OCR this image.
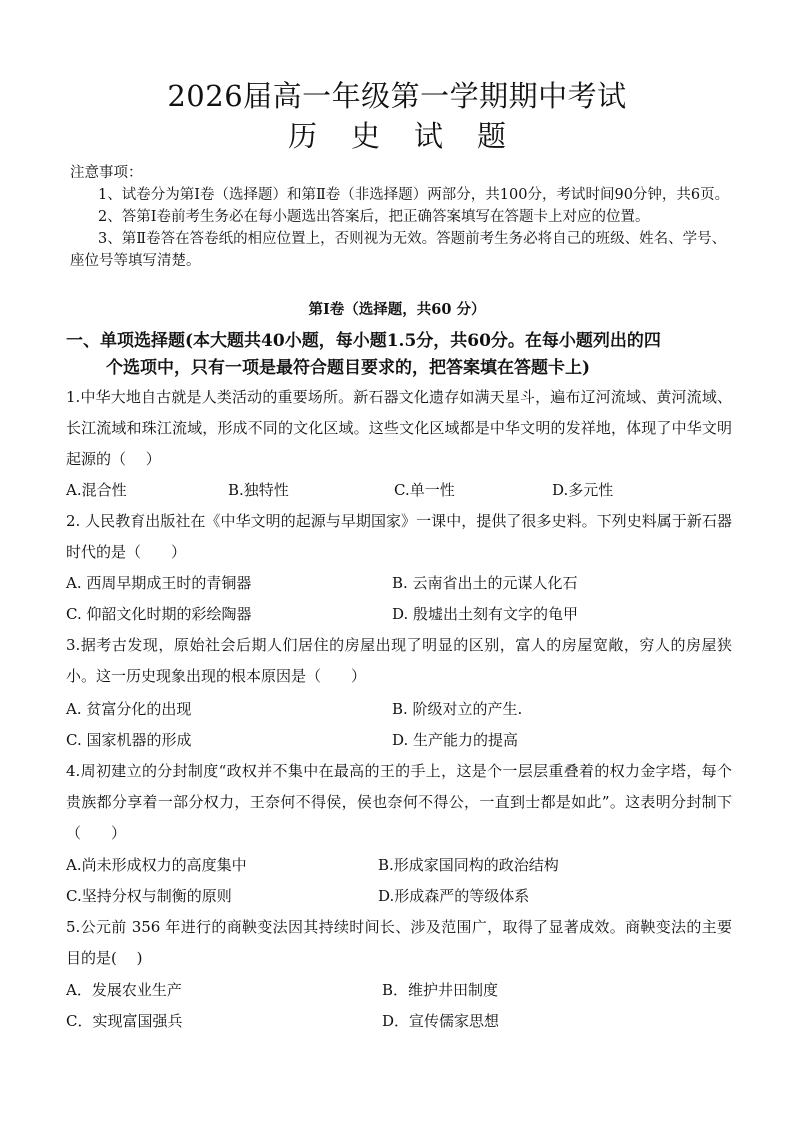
2026届高一年级第一学期期中考试
历史试题
注意事项：
1、试卷分为第Ⅰ卷（选择题）和第Ⅱ卷（非选择题）两部分，共100分，考试时间90分钟，共6页。
2、答第Ⅰ卷前考生务必在每小题选出答案后，把正确答案填写在答题卡上对应的位置。
3、第Ⅱ卷答在答卷纸的相应位置上，否则视为无效。答题前考生务必将自己的班级、姓名、学号、座位号等填写清楚。
第Ⅰ卷（选择题，共60 分）
一、单项选择题(本大题共40小题，每小题1.5分，共60分。在每小题列出的四
个选项中，只有一项是最符合题目要求的，把答案填在答题卡上)
1.中华大地自古就是人类活动的重要场所。新石器文化遗存如满天星斗，遍布辽河流域、黄河流域、长江流域和珠江流域，形成不同的文化区域。这些文化区域都是中华文明的发祥地，体现了中华文明起源的（　 ）
A.混合性	B.独特性	C.单一性	D.多元性
2. 人民教育出版社在《中华文明的起源与早期国家》一课中，提供了很多史料。下列史料属于新石器时代的是（　　）
A. 西周早期成王时的青铜器	B. 云南省出土的元谋人化石
C. 仰韶文化时期的彩绘陶器	D. 殷墟出土刻有文字的龟甲
3.据考古发现，原始社会后期人们居住的房屋出现了明显的区别，富人的房屋宽敞，穷人的房屋狭小。这一历史现象出现的根本原因是（　　）
A. 贫富分化的出现	B. 阶级对立的产生.
C. 国家机器的形成	D. 生产能力的提高
4.周初建立的分封制度“政权并不集中在最高的王的手上，这是个一层层重叠着的权力金字塔，每个贵族都分享着一部分权力，王奈何不得侯，侯也奈何不得公，一直到士都是如此”。这表明分封制下（　　）
A.尚未形成权力的高度集中	B.形成家国同构的政治结构
C.坚持分权与制衡的原则	D.形成森严的等级体系
5.公元前 356 年进行的商鞅变法因其持续时间长、涉及范围广，取得了显著成效。商鞅变法的主要目的是(　 )
A．发展农业生产	B．维护井田制度
C．实现富国强兵	D．宣传儒家思想
